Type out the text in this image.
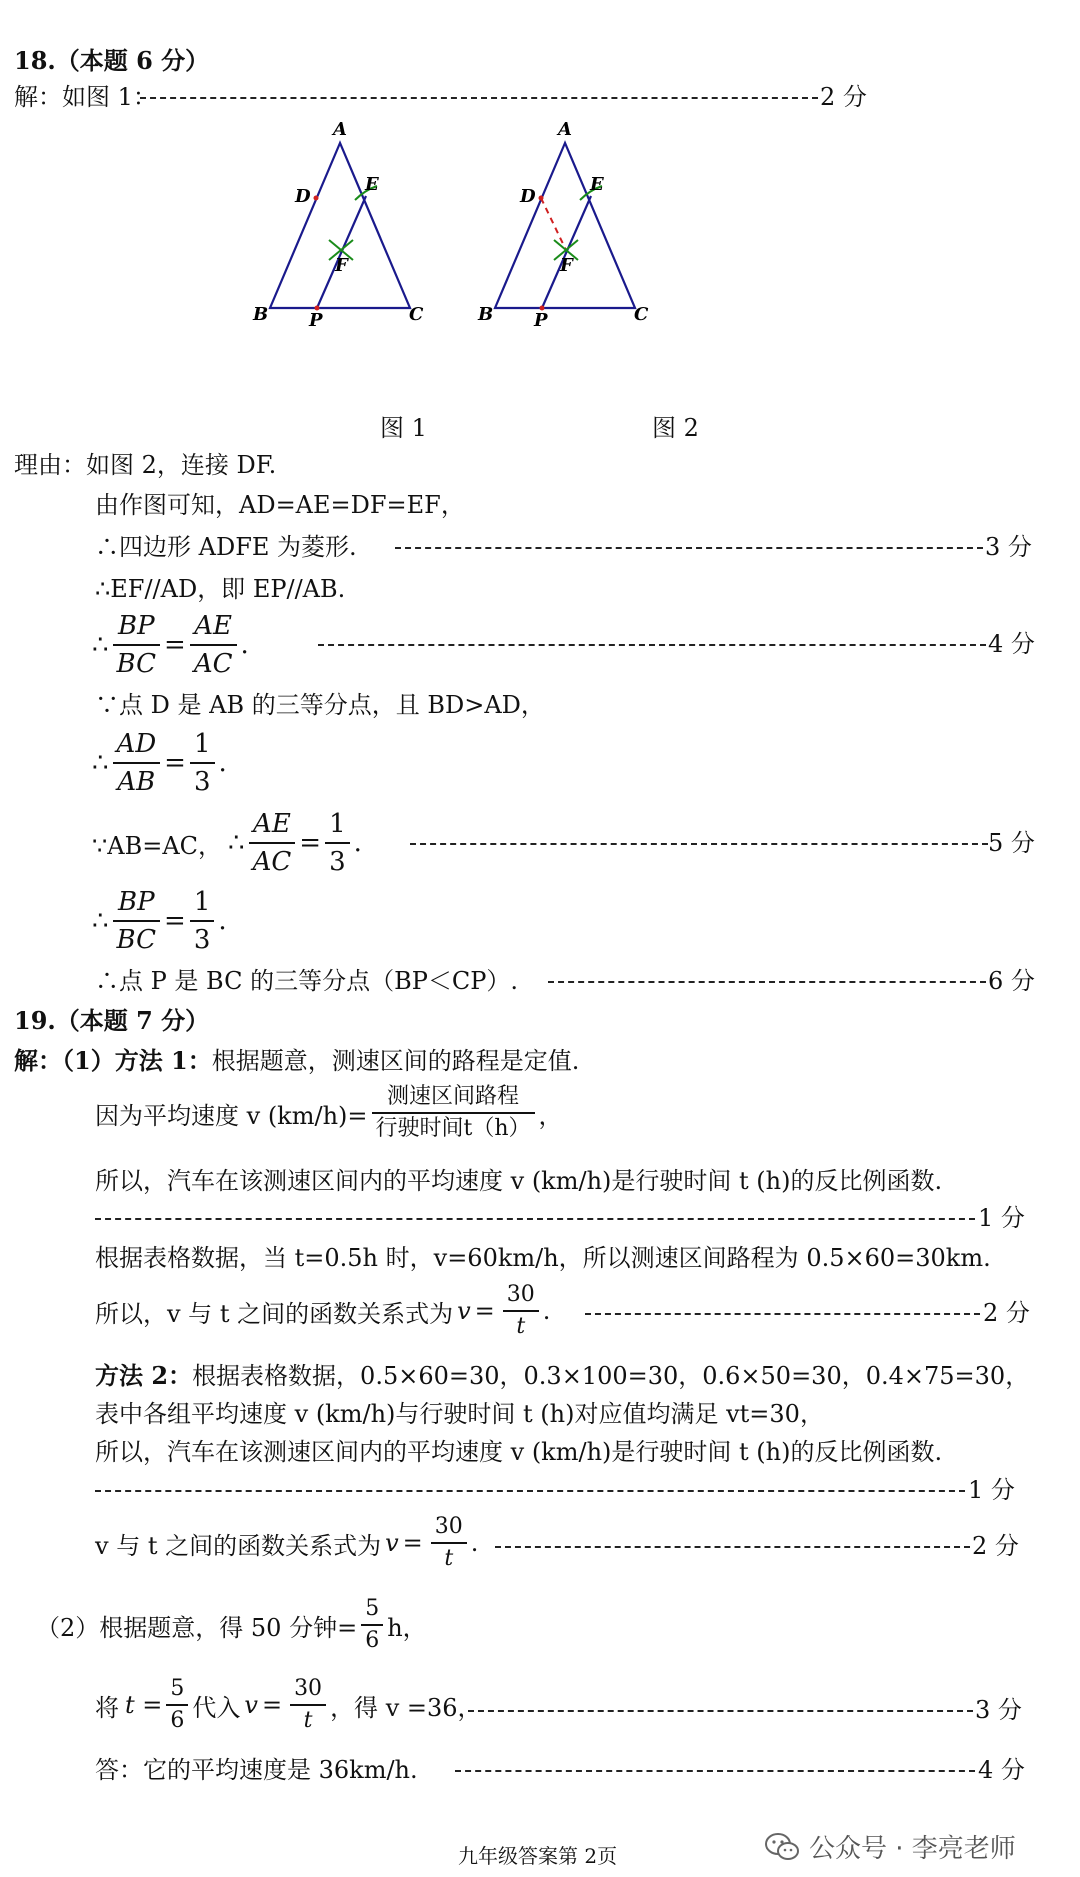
18.（本题 6 分）
解：如图 1：	2 分
A
D
E
F
B P	C
A
D
E
F
B P	C
图 1	图 2
理由：如图 2，连接 DF.
由作图可知，AD=AE=DF=EF，
∴四边形 ADFE 为菱形.	3 分
∴EF//AD，即 EP//AB.
∴ $\frac{BP}{BC} = \frac{AE}{AC}$ .	4 分
∵点 D 是 AB 的三等分点，且 BD>AD，
∴ $\frac{AD}{AB} = \frac{1}{3}$ .
∵AB=AC， ∴ $\frac{AE}{AC} = \frac{1}{3}$ .	5 分
∴ $\frac{BP}{BC} = \frac{1}{3}$ .
∴点 P 是 BC 的三等分点（BP＜CP）.	6 分
19.（本题 7 分）
解：（1）方法 1：根据题意，测速区间的路程是定值.
因为平均速度 v $(km/h)= \frac{\text{测速区间路程}}{\text{行驶时间t（h）}}$ ，
所以，汽车在该测速区间内的平均速度 v (km/h)是行驶时间 t (h)的反比例函数.
1 分
根据表格数据，当 t=0.5h 时，v=60km/h，所以测速区间路程为 0.5×60=30km.
所以，v 与 t 之间的函数关系式为 $v = \frac{30}{t}$ .	2 分
方法 2：根据表格数据，0.5×60=30，0.3×100=30，0.6×50=30，0.4×75=30，
表中各组平均速度 v (km/h)与行驶时间 t (h)对应值均满足 vt=30，
所以，汽车在该测速区间内的平均速度 v (km/h)是行驶时间 t (h)的反比例函数.
1 分
v 与 t 之间的函数关系式为 $v = \frac{30}{t}$ .	2 分
（2）根据题意，得 50 分钟= $\frac{5}{6}$ h，
将 $t = \frac{5}{6}$ 代入 $v = \frac{30}{t}$ ，得 v =36，	3 分
答：它的平均速度是 36km/h.	4 分
九年级答案第 2页	公众号 · 李亮老师
